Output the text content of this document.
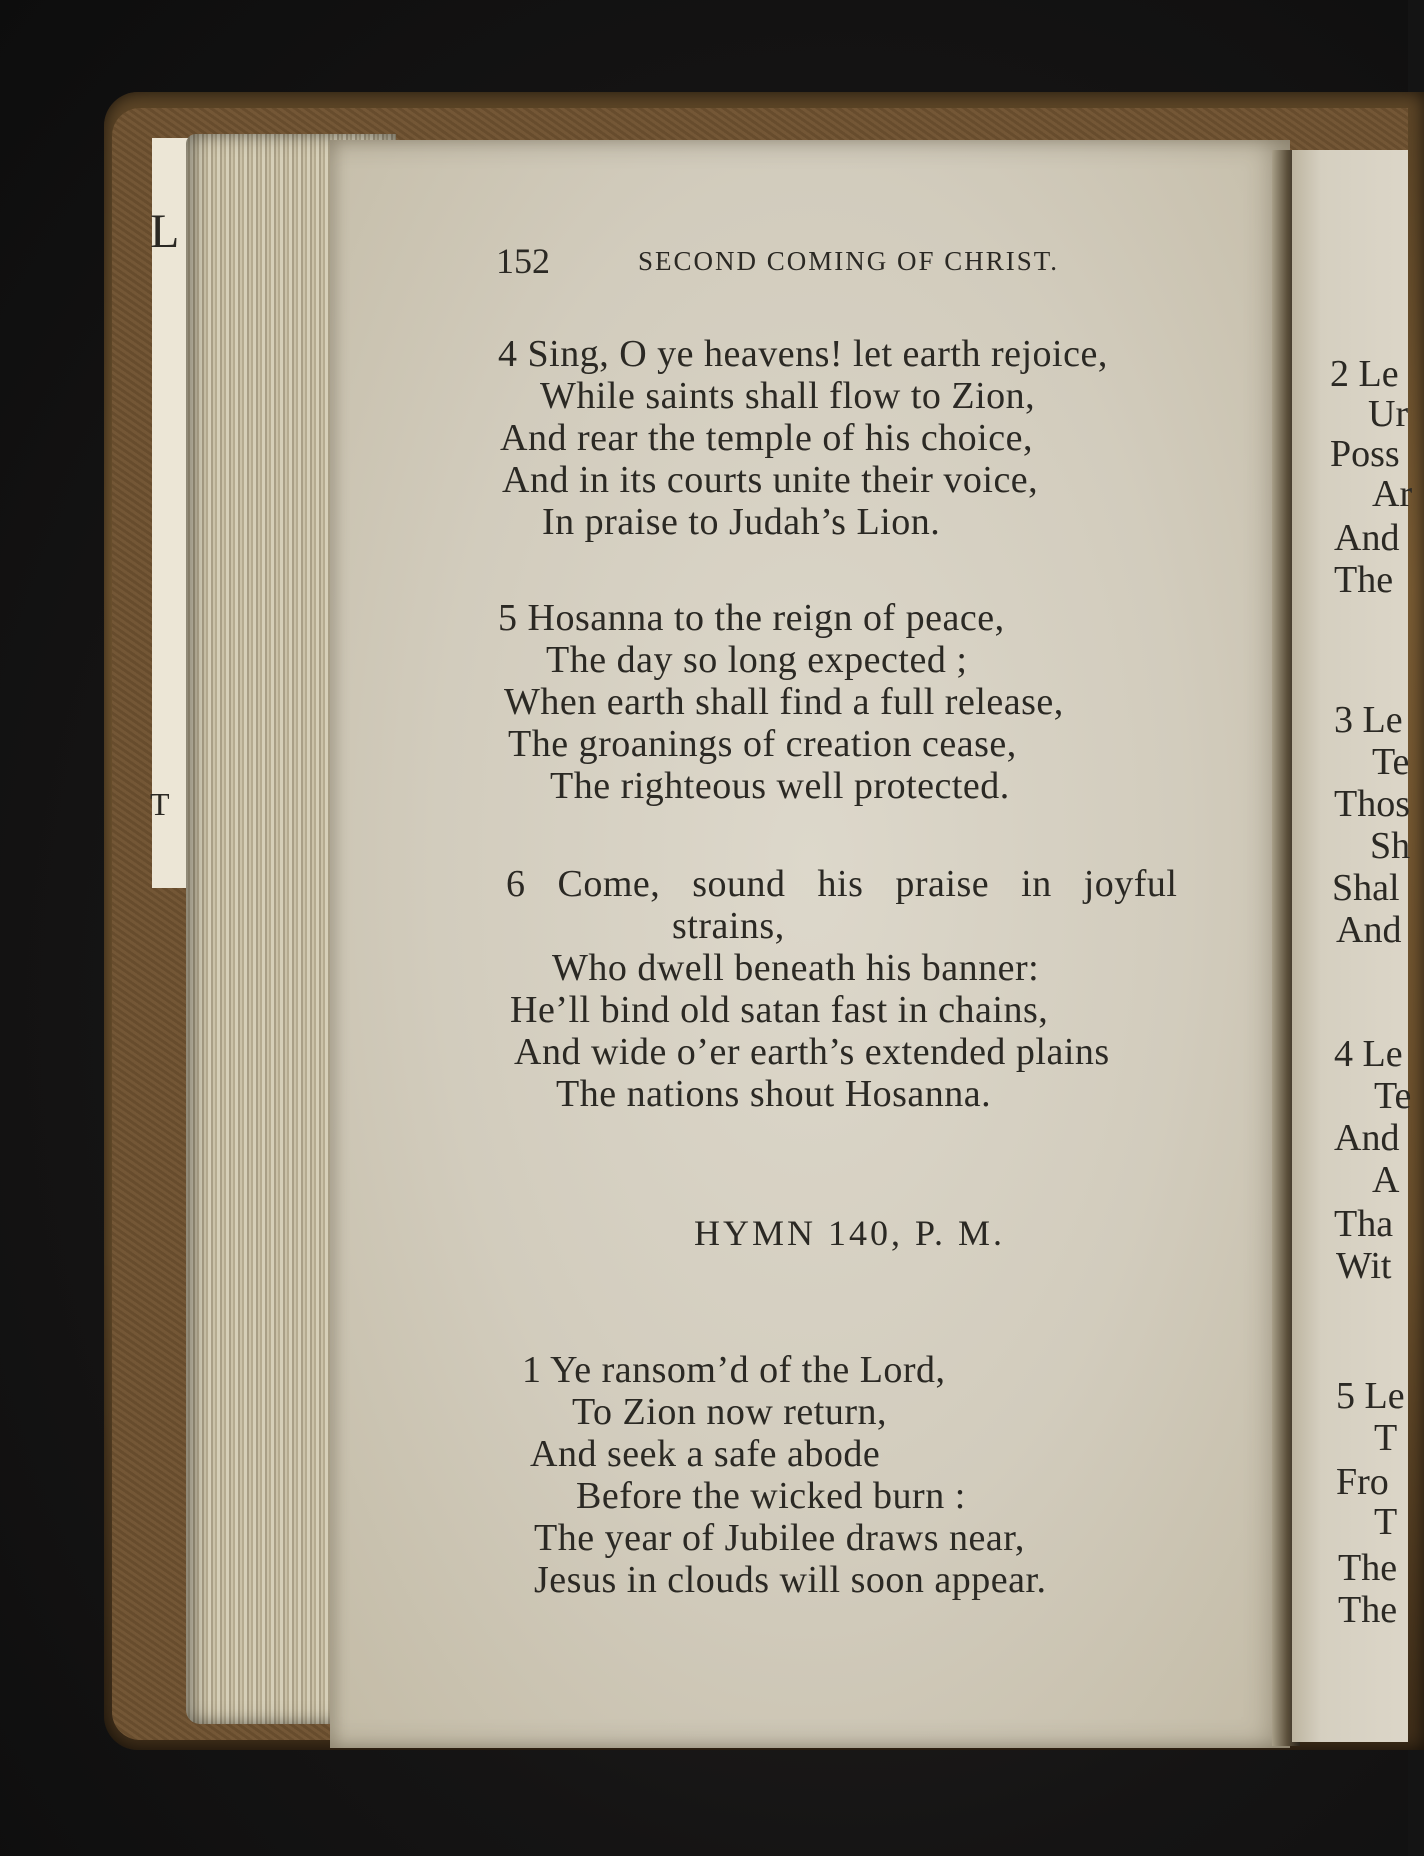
L
T
152	SECOND COMING OF CHRIST.
4 Sing, O ye heavens! let earth rejoice,
While saints shall flow to Zion,
And rear the temple of his choice,
And in its courts unite their voice,
In praise to Judah’s Lion.
5 Hosanna to the reign of peace,
The day so long expected ;
When earth shall find a full release,
The groanings of creation cease,
The righteous well protected.
6 Come, sound his praise in joyful
strains,
Who dwell beneath his banner:
He’ll bind old satan fast in chains,
And wide o’er earth’s extended plains
The nations shout Hosanna.
HYMN 140, P. M.
1 Ye ransom’d of the Lord,
To Zion now return,
And seek a safe abode
Before the wicked burn :
The year of Jubilee draws near,
Jesus in clouds will soon appear.
2 Le
Ur
Poss
Ar
And
The
3 Le
Te
Thos
Sh
Shal
And
4 Le
Te
And
A
Tha
Wit
5 Le
T
Fro
T
The
The
